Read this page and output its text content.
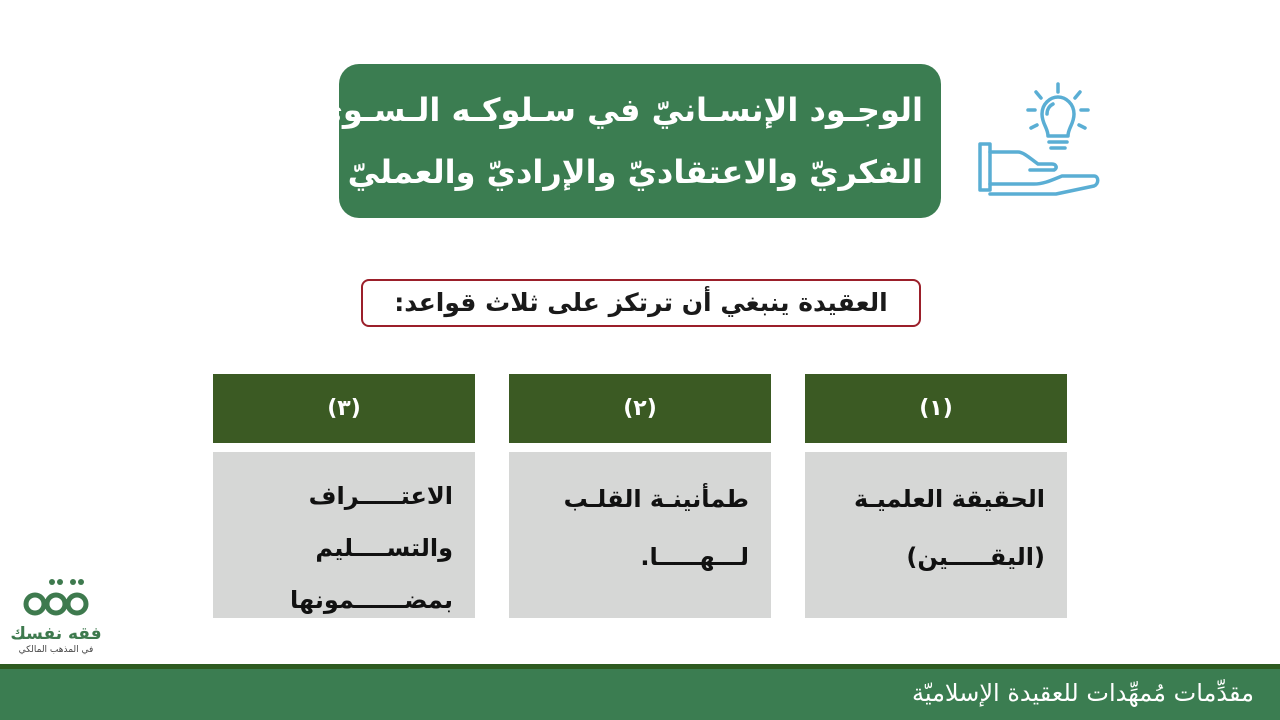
الوجـود الإنسـانيّ في سـلوكـه الـسـويّ
الفكريّ والاعتقاديّ والإراديّ والعمليّ
العقيدة ينبغي أن ترتكز على ثلاث قواعد:
(١)
الحقيقة العلميـة
(اليقـــــين)
(٢)
طمأنينـة القلـب
لـــهـــــا.
(٣)
الاعتـــــراف
والتســــليم
بمضــــــمونها
فقه نفسك
في المذهب المالكي
مقدِّمات مُمهِّدات للعقيدة الإسلاميّة
